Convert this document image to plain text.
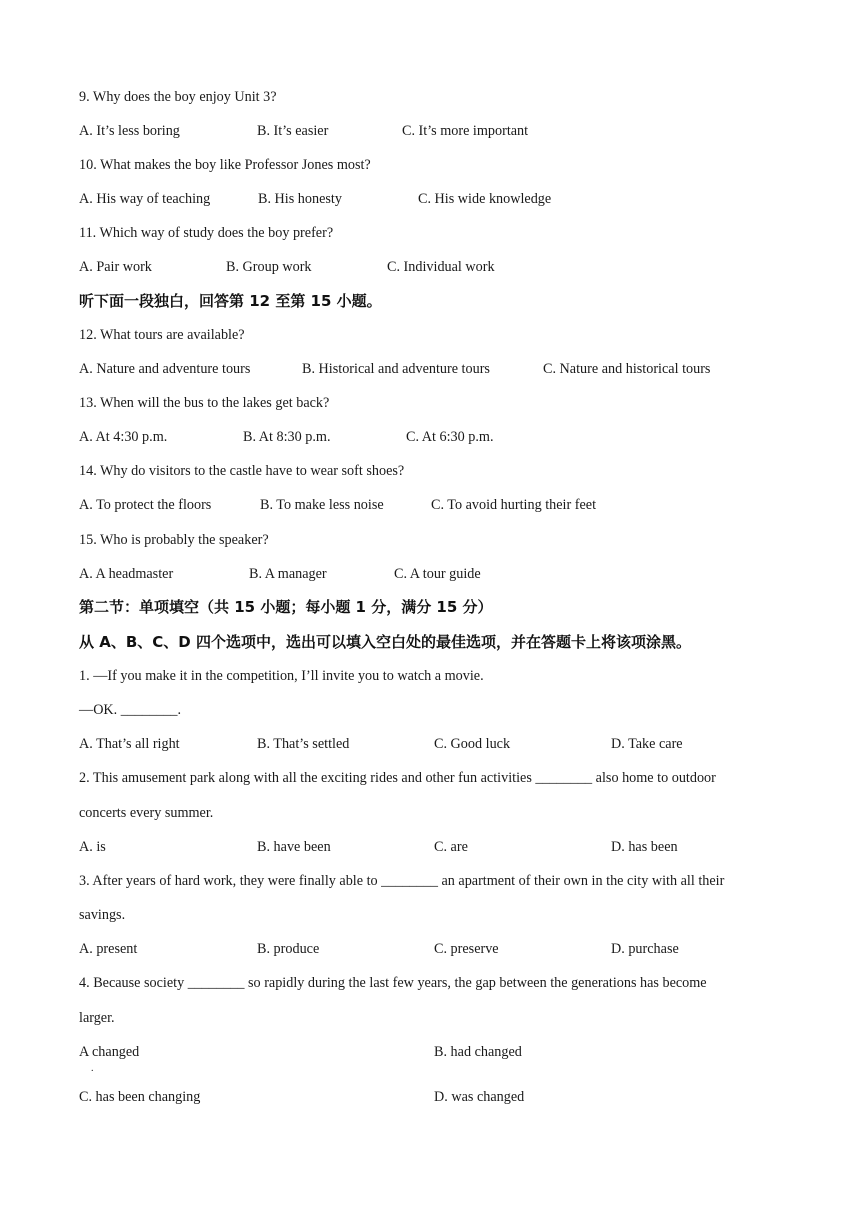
9. Why does the boy enjoy Unit 3?
A. It’s less boring	B. It’s easier	C. It’s more important
10. What makes the boy like Professor Jones most?
A. His way of teaching	B. His honesty	C. His wide knowledge
11. Which way of study does the boy prefer?
A. Pair work	B. Group work	C. Individual work
听下面一段独白，回答第 12 至第 15 小题。
12. What tours are available?
A. Nature and adventure tours	B. Historical and adventure tours	C. Nature and historical tours
13. When will the bus to the lakes get back?
A. At 4:30 p.m.	B. At 8:30 p.m.	C. At 6:30 p.m.
14. Why do visitors to the castle have to wear soft shoes?
A. To protect the floors	B. To make less noise	C. To avoid hurting their feet
15. Who is probably the speaker?
A. A headmaster	B. A manager	C. A tour guide
第二节：单项填空（共 15 小题；每小题 1 分，满分 15 分）
从 A、B、C、D 四个选项中，选出可以填入空白处的最佳选项，并在答题卡上将该项涂黑。
1. —If you make it in the competition, I’ll invite you to watch a movie.
—OK. ________.
A. That’s all right	B. That’s settled	C. Good luck	D. Take care
2. This amusement park along with all the exciting rides and other fun activities ________ also home to outdoor
concerts every summer.
A. is	B. have been	C. are	D. has been
3. After years of hard work, they were finally able to ________ an apartment of their own in the city with all their
savings.
A. present	B. produce	C. preserve	D. purchase
4. Because society ________ so rapidly during the last few years, the gap between the generations has become
larger.
A changed
.
B. had changed
C. has been changing	D. was changed
